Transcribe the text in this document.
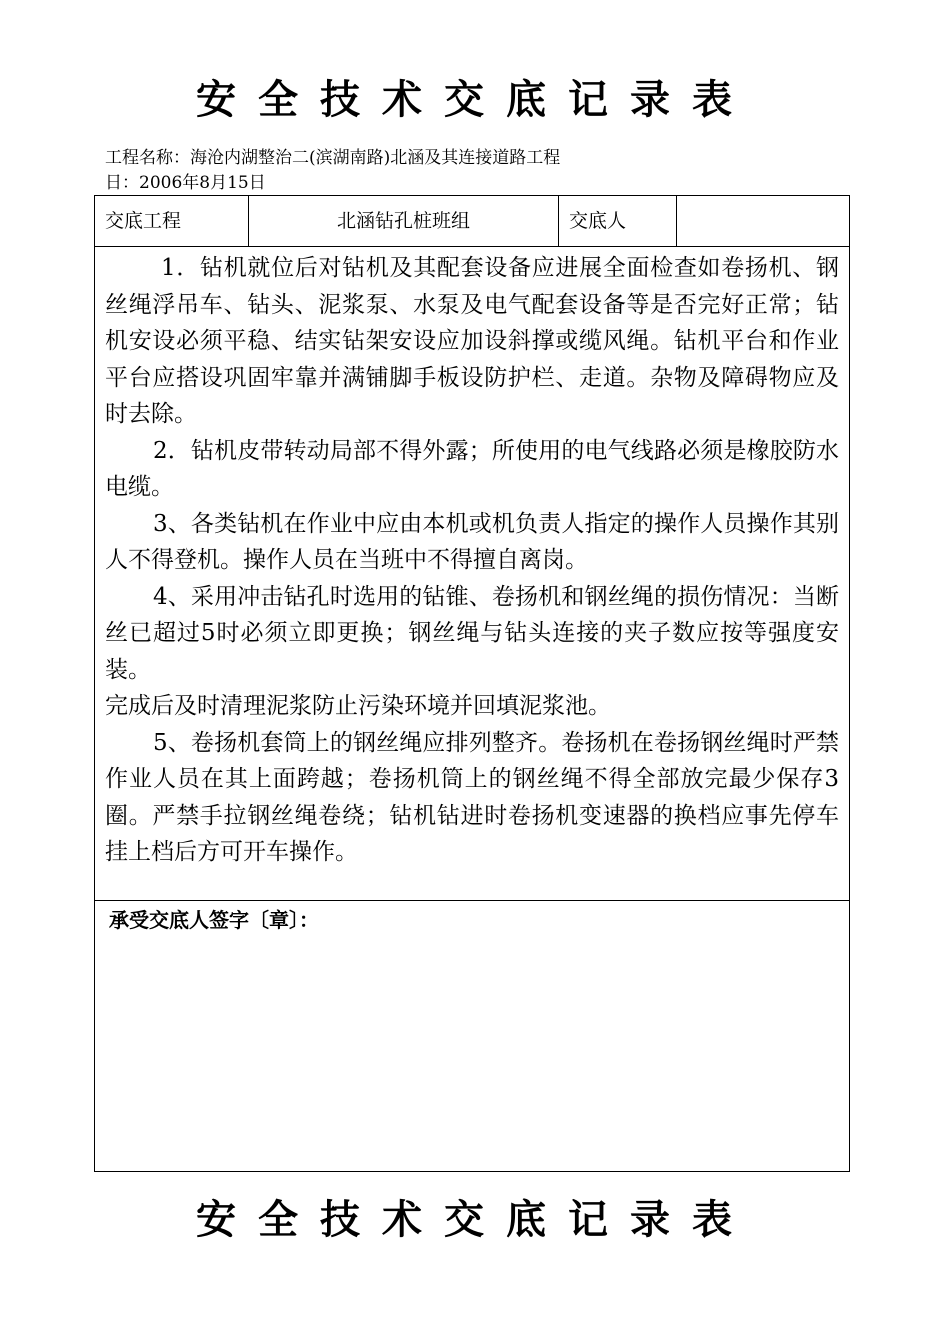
安全技术交底记录表
工程名称：海沧内湖整治二(滨湖南路)北涵及其连接道路工程
日：2006年8月15日
交底工程	北涵钻孔桩班组	交底人

1．钻机就位后对钻机及其配套设备应进展全面检查如卷扬机、钢丝绳浮吊车、钻头、泥浆泵、水泵及电气配套设备等是否完好正常；钻机安设必须平稳、结实钻架安设应加设斜撑或缆风绳。钻机平台和作业平台应搭设巩固牢靠并满铺脚手板设防护栏、走道。杂物及障碍物应及时去除。

2．钻机皮带转动局部不得外露；所使用的电气线路必须是橡胶防水电缆。

3、各类钻机在作业中应由本机或机负责人指定的操作人员操作其别人不得登机。操作人员在当班中不得擅自离岗。

4、采用冲击钻孔时选用的钻锥、卷扬机和钢丝绳的损伤情况：当断丝已超过5时必须立即更换；钢丝绳与钻头连接的夹子数应按等强度安装。

完成后及时清理泥浆防止污染环境并回填泥浆池。

5、卷扬机套筒上的钢丝绳应排列整齐。卷扬机在卷扬钢丝绳时严禁作业人员在其上面跨越；卷扬机筒上的钢丝绳不得全部放完最少保存3圈。严禁手拉钢丝绳卷绕；钻机钻进时卷扬机变速器的换档应事先停车挂上档后方可开车操作。

承受交底人签字〔章〕：
安全技术交底记录表
